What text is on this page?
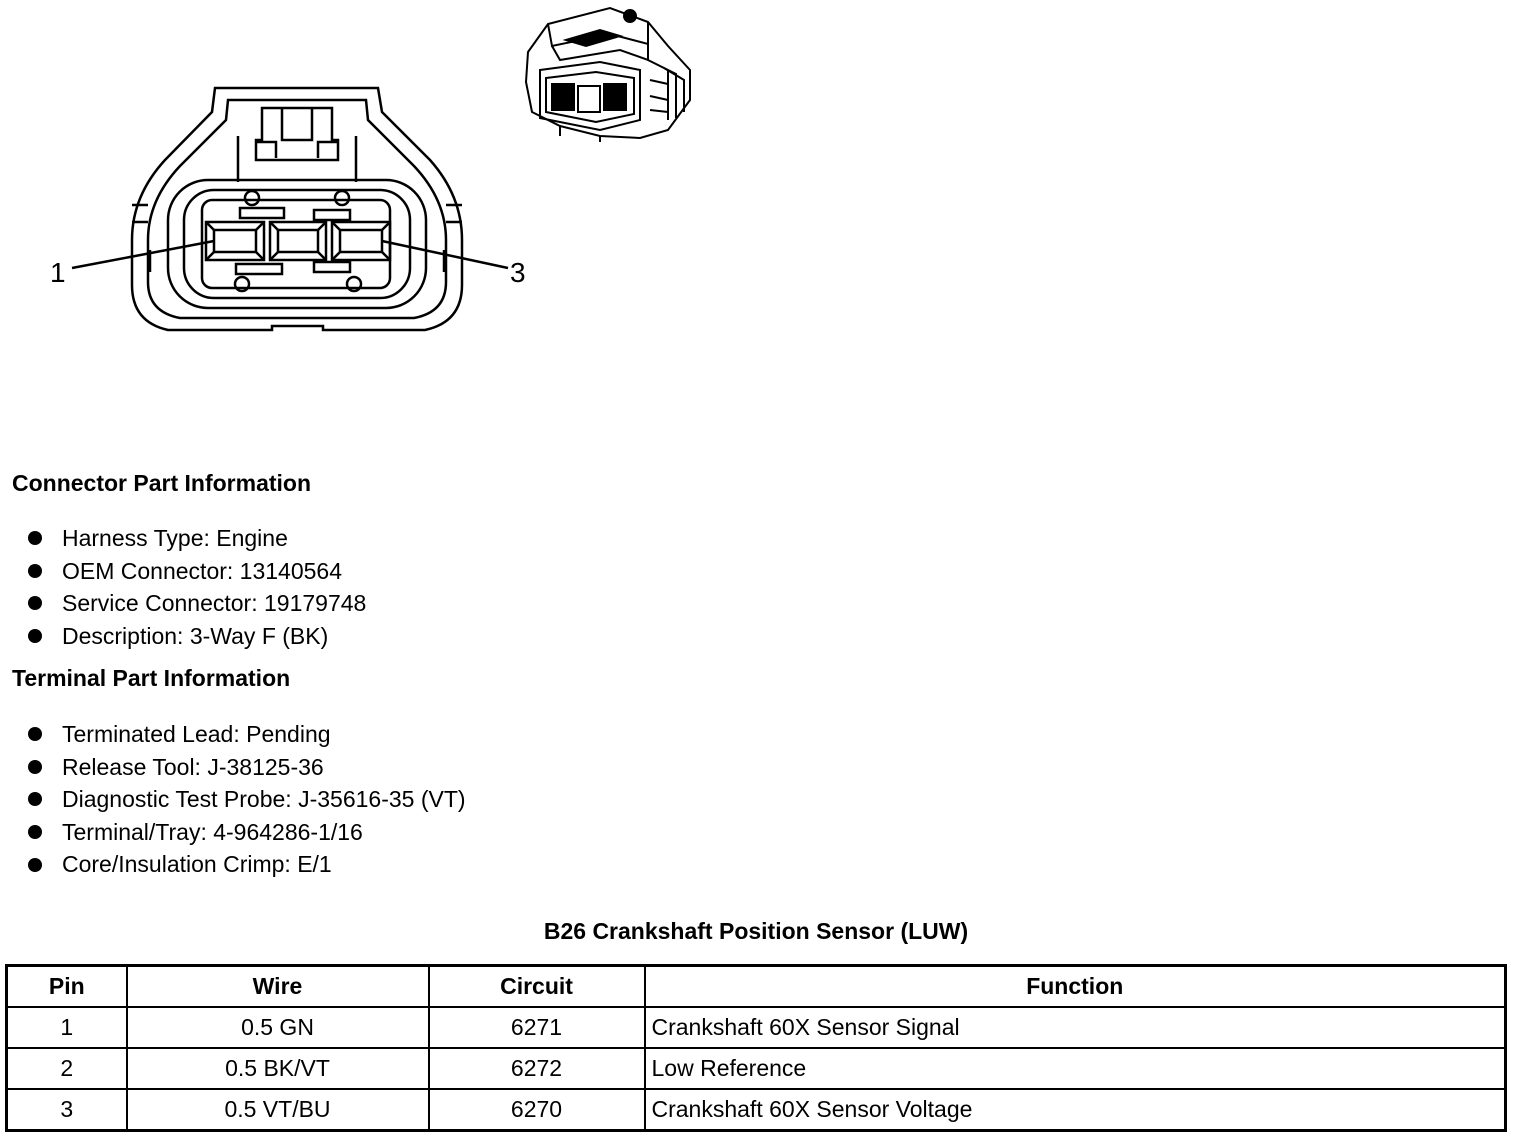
1	3
Connector Part Information
Harness Type: Engine
OEM Connector: 13140564
Service Connector: 19179748
Description: 3-Way F (BK)
Terminal Part Information
Terminated Lead: Pending
Release Tool: J-38125-36
Diagnostic Test Probe: J-35616-35 (VT)
Terminal/Tray: 4-964286-1/16
Core/Insulation Crimp: E/1
B26 Crankshaft Position Sensor (LUW)
Pin	Wire	Circuit	Function
1	0.5 GN	6271	Crankshaft 60X Sensor Signal
2	0.5 BK/VT	6272	Low Reference
3	0.5 VT/BU	6270	Crankshaft 60X Sensor Voltage
